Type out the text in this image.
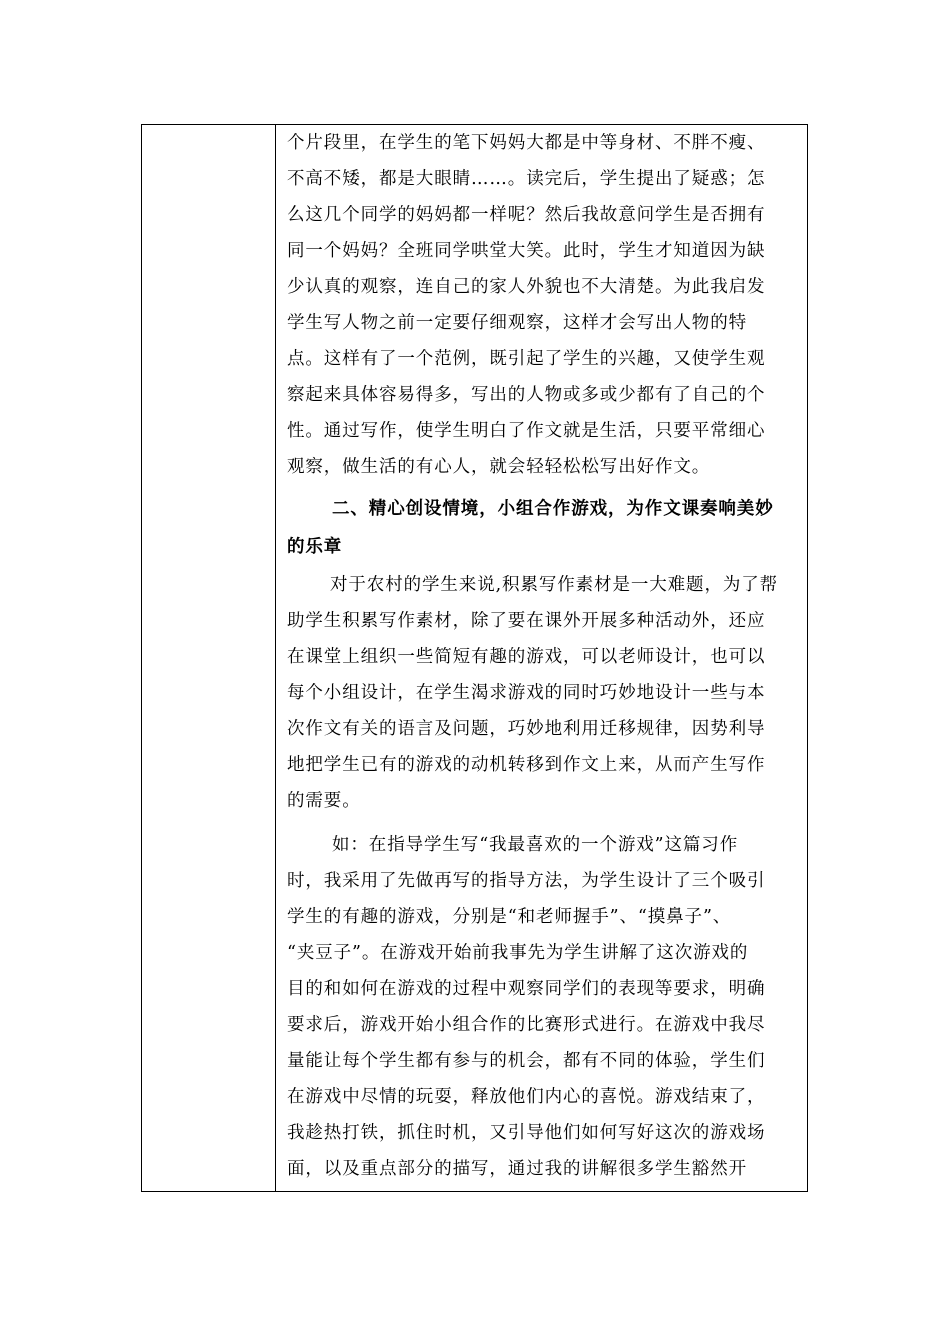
个片段里，在学生的笔下妈妈大都是中等身材、不胖不瘦、
不高不矮，都是大眼睛……。读完后，学生提出了疑惑；怎
么这几个同学的妈妈都一样呢？然后我故意问学生是否拥有
同一个妈妈？全班同学哄堂大笑。此时，学生才知道因为缺
少认真的观察，连自己的家人外貌也不大清楚。为此我启发
学生写人物之前一定要仔细观察，这样才会写出人物的特
点。这样有了一个范例，既引起了学生的兴趣，又使学生观
察起来具体容易得多，写出的人物或多或少都有了自己的个
性。通过写作，使学生明白了作文就是生活，只要平常细心
观察，做生活的有心人，就会轻轻松松写出好作文。
二、精心创设情境，小组合作游戏，为作文课奏响美妙
的乐章
对于农村的学生来说,积累写作素材是一大难题，为了帮
助学生积累写作素材，除了要在课外开展多种活动外，还应
在课堂上组织一些简短有趣的游戏，可以老师设计，也可以
每个小组设计，在学生渴求游戏的同时巧妙地设计一些与本
次作文有关的语言及问题，巧妙地利用迁移规律，因势利导
地把学生已有的游戏的动机转移到作文上来，从而产生写作
的需要。
如：在指导学生写“我最喜欢的一个游戏”这篇习作
时，我采用了先做再写的指导方法，为学生设计了三个吸引
学生的有趣的游戏，分别是“和老师握手”、“摸鼻子”、
“夹豆子”。在游戏开始前我事先为学生讲解了这次游戏的
目的和如何在游戏的过程中观察同学们的表现等要求，明确
要求后，游戏开始小组合作的比赛形式进行。在游戏中我尽
量能让每个学生都有参与的机会，都有不同的体验，学生们
在游戏中尽情的玩耍，释放他们内心的喜悦。游戏结束了，
我趁热打铁，抓住时机，又引导他们如何写好这次的游戏场
面，以及重点部分的描写，通过我的讲解很多学生豁然开
